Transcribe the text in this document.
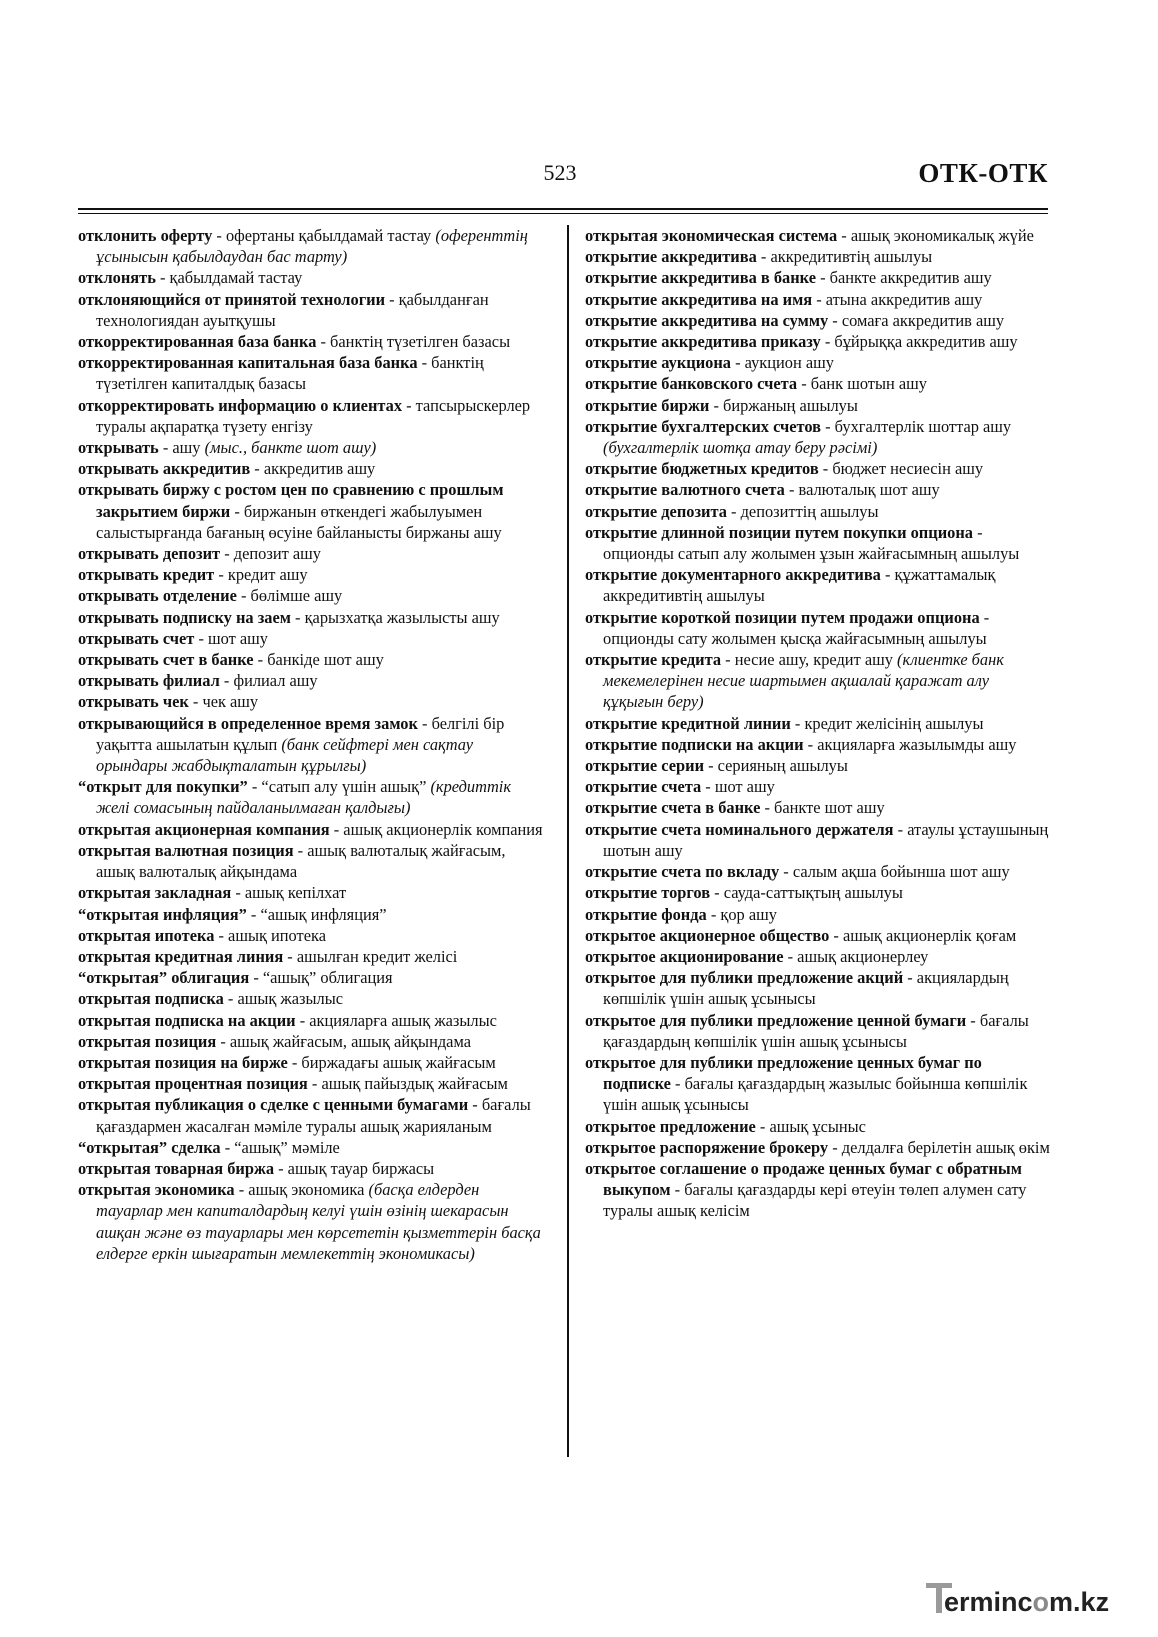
523	ОТК-ОТК

отклонить оферту - офертаны қабылдамай тастау (оференттің ұсынысын қабылдаудан бас тарту)

отклонять - қабылдамай тастау

отклоняющийся от принятой технологии - қабылданған технологиядан ауытқушы

откорректированная база банка - банктің түзетілген базасы

откорректированная капитальная база банка - банктің түзетілген капиталдық базасы

откорректировать информацию о клиентах - тапсырыскерлер туралы ақпаратқа түзету енгізу

открывать - ашу (мыс., банкте шот ашу)

открывать аккредитив - аккредитив ашу

открывать биржу с ростом цен по сравнению с прошлым закрытием биржи - биржанын өткендегі жабылуымен салыстырғанда бағаның өсуіне байланысты биржаны ашу

открывать депозит - депозит ашу

открывать кредит - кредит ашу

открывать отделение - бөлімше ашу

открывать подписку на заем - қарызхатқа жазылысты ашу

открывать счет - шот ашу

открывать счет в банке - банкіде шот ашу

открывать филиал - филиал ашу

открывать чек - чек ашу

открывающийся в определенное время замок - белгілі бір уақытта ашылатын құлып (банк сейфтері мен сақтау орындары жабдықталатын құрылғы)

“открыт для покупки” - “сатып алу үшін ашық” (кредиттік желі сомасының пайдаланылмаған қалдығы)

открытая акционерная компания - ашық акционерлік компания

открытая валютная позиция - ашық валюталық жайғасым, ашық валюталық айқындама

открытая закладная - ашық кепілхат

“открытая инфляция” - “ашық инфляция”

открытая ипотека - ашық ипотека

открытая кредитная линия - ашылған кредит желісі

“открытая” облигация - “ашық” облигация

открытая подписка - ашық жазылыс

открытая подписка на акции - акцияларға ашық жазылыс

открытая позиция - ашық жайғасым, ашық айқындама

открытая позиция на бирже - биржадағы ашық жайғасым

открытая процентная позиция - ашық пайыздық жайғасым

открытая публикация о сделке с ценными бумагами - бағалы қағаздармен жасалған мәміле туралы ашық жарияланым

“открытая” сделка - “ашық” мәміле

открытая товарная биржа - ашық тауар биржасы

открытая экономика - ашық экономика (басқа елдерден тауарлар мен капиталдардың келуі үшін өзінің шекарасын ашқан және өз тауарлары мен көрсететін қызметтерін басқа елдерге еркін шығаратын мемлекеттің экономикасы)

открытая экономическая система - ашық экономикалық жүйе

открытие аккредитива - аккредитивтің ашылуы

открытие аккредитива в банке - банкте аккредитив ашу

открытие аккредитива на имя - атына аккредитив ашу

открытие аккредитива на сумму - сомаға аккредитив ашу

открытие аккредитива приказу - бұйрыққа аккредитив ашу

открытие аукциона - аукцион ашу

открытие банковского счета - банк шотын ашу

открытие биржи - биржаның ашылуы

открытие бухгалтерских счетов - бухгалтерлік шоттар ашу (бухгалтерлік шотқа атау беру рәсімі)

открытие бюджетных кредитов - бюджет несиесін ашу

открытие валютного счета - валюталық шот ашу

открытие депозита - депозиттің ашылуы

открытие длинной позиции путем покупки опциона - опционды сатып алу жолымен ұзын жайғасымның ашылуы

открытие документарного аккредитива - құжаттамалық аккредитивтің ашылуы

открытие короткой позиции путем продажи опциона - опционды сату жолымен қысқа жайғасымның ашылуы

открытие кредита - несие ашу, кредит ашу (клиентке банк мекемелерінен несие шартымен ақшалай қаражат алу құқығын беру)

открытие кредитной линии - кредит желісінің ашылуы

открытие подписки на акции - акцияларға жазылымды ашу

открытие серии - серияның ашылуы

открытие счета - шот ашу

открытие счета в банке - банкте шот ашу

открытие счета номинального держателя - атаулы ұстаушының шотын ашу

открытие счета по вкладу - салым ақша бойынша шот ашу

открытие торгов - сауда-саттықтың ашылуы

открытие фонда - қор ашу

открытое акционерное общество - ашық акционерлік қоғам

открытое акционирование - ашық акционерлеу

открытое для публики предложение акций - акциялардың көпшілік үшін ашық ұсынысы

открытое для публики предложение ценной бумаги - бағалы қағаздардың көпшілік үшін ашық ұсынысы

открытое для публики предложение ценных бумаг по подписке - бағалы қағаздардың жазылыс бойынша көпшілік үшін ашық ұсынысы

открытое предложение - ашық ұсыныс

открытое распоряжение брокеру - делдалға берілетін ашық өкім

открытое соглашение о продаже ценных бумаг с обратным выкупом - бағалы қағаздарды кері өтеуін төлеп алумен сату туралы ашық келісім

ermincom.kz
